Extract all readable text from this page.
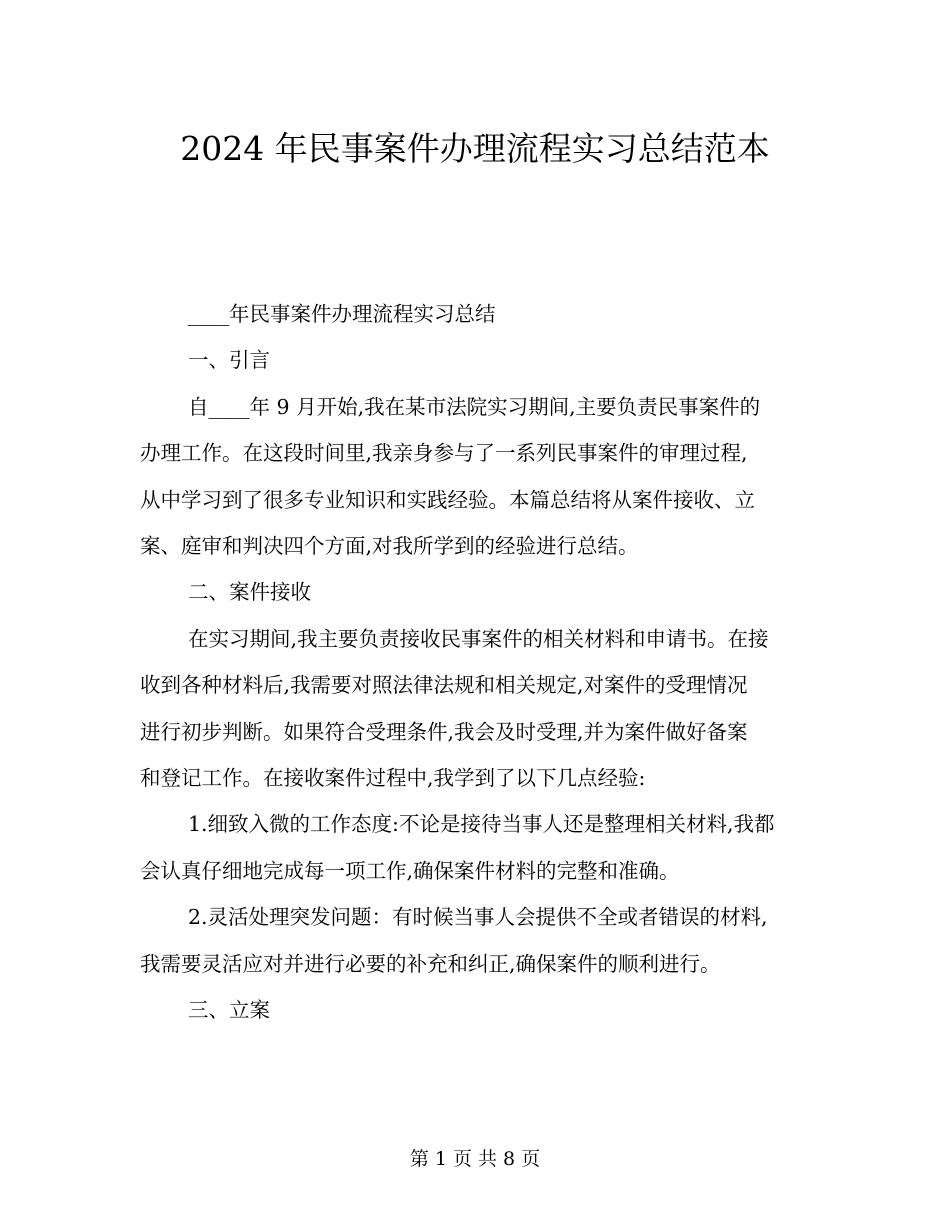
2024 年民事案件办理流程实习总结范本

____年民事案件办理流程实习总结

一、引言

自____年 9 月开始,我在某市法院实习期间,主要负责民事案件的

办理工作。在这段时间里,我亲身参与了一系列民事案件的审理过程,

从中学习到了很多专业知识和实践经验。本篇总结将从案件接收、立

案、庭审和判决四个方面,对我所学到的经验进行总结。

二、案件接收

在实习期间,我主要负责接收民事案件的相关材料和申请书。在接

收到各种材料后,我需要对照法律法规和相关规定,对案件的受理情况

进行初步判断。如果符合受理条件,我会及时受理,并为案件做好备案

和登记工作。在接收案件过程中,我学到了以下几点经验:

1.细致入微的工作态度:不论是接待当事人还是整理相关材料,我都

会认真仔细地完成每一项工作,确保案件材料的完整和准确。

2.灵活处理突发问题：有时候当事人会提供不全或者错误的材料,

我需要灵活应对并进行必要的补充和纠正,确保案件的顺利进行。

三、立案

第 1 页 共 8 页
